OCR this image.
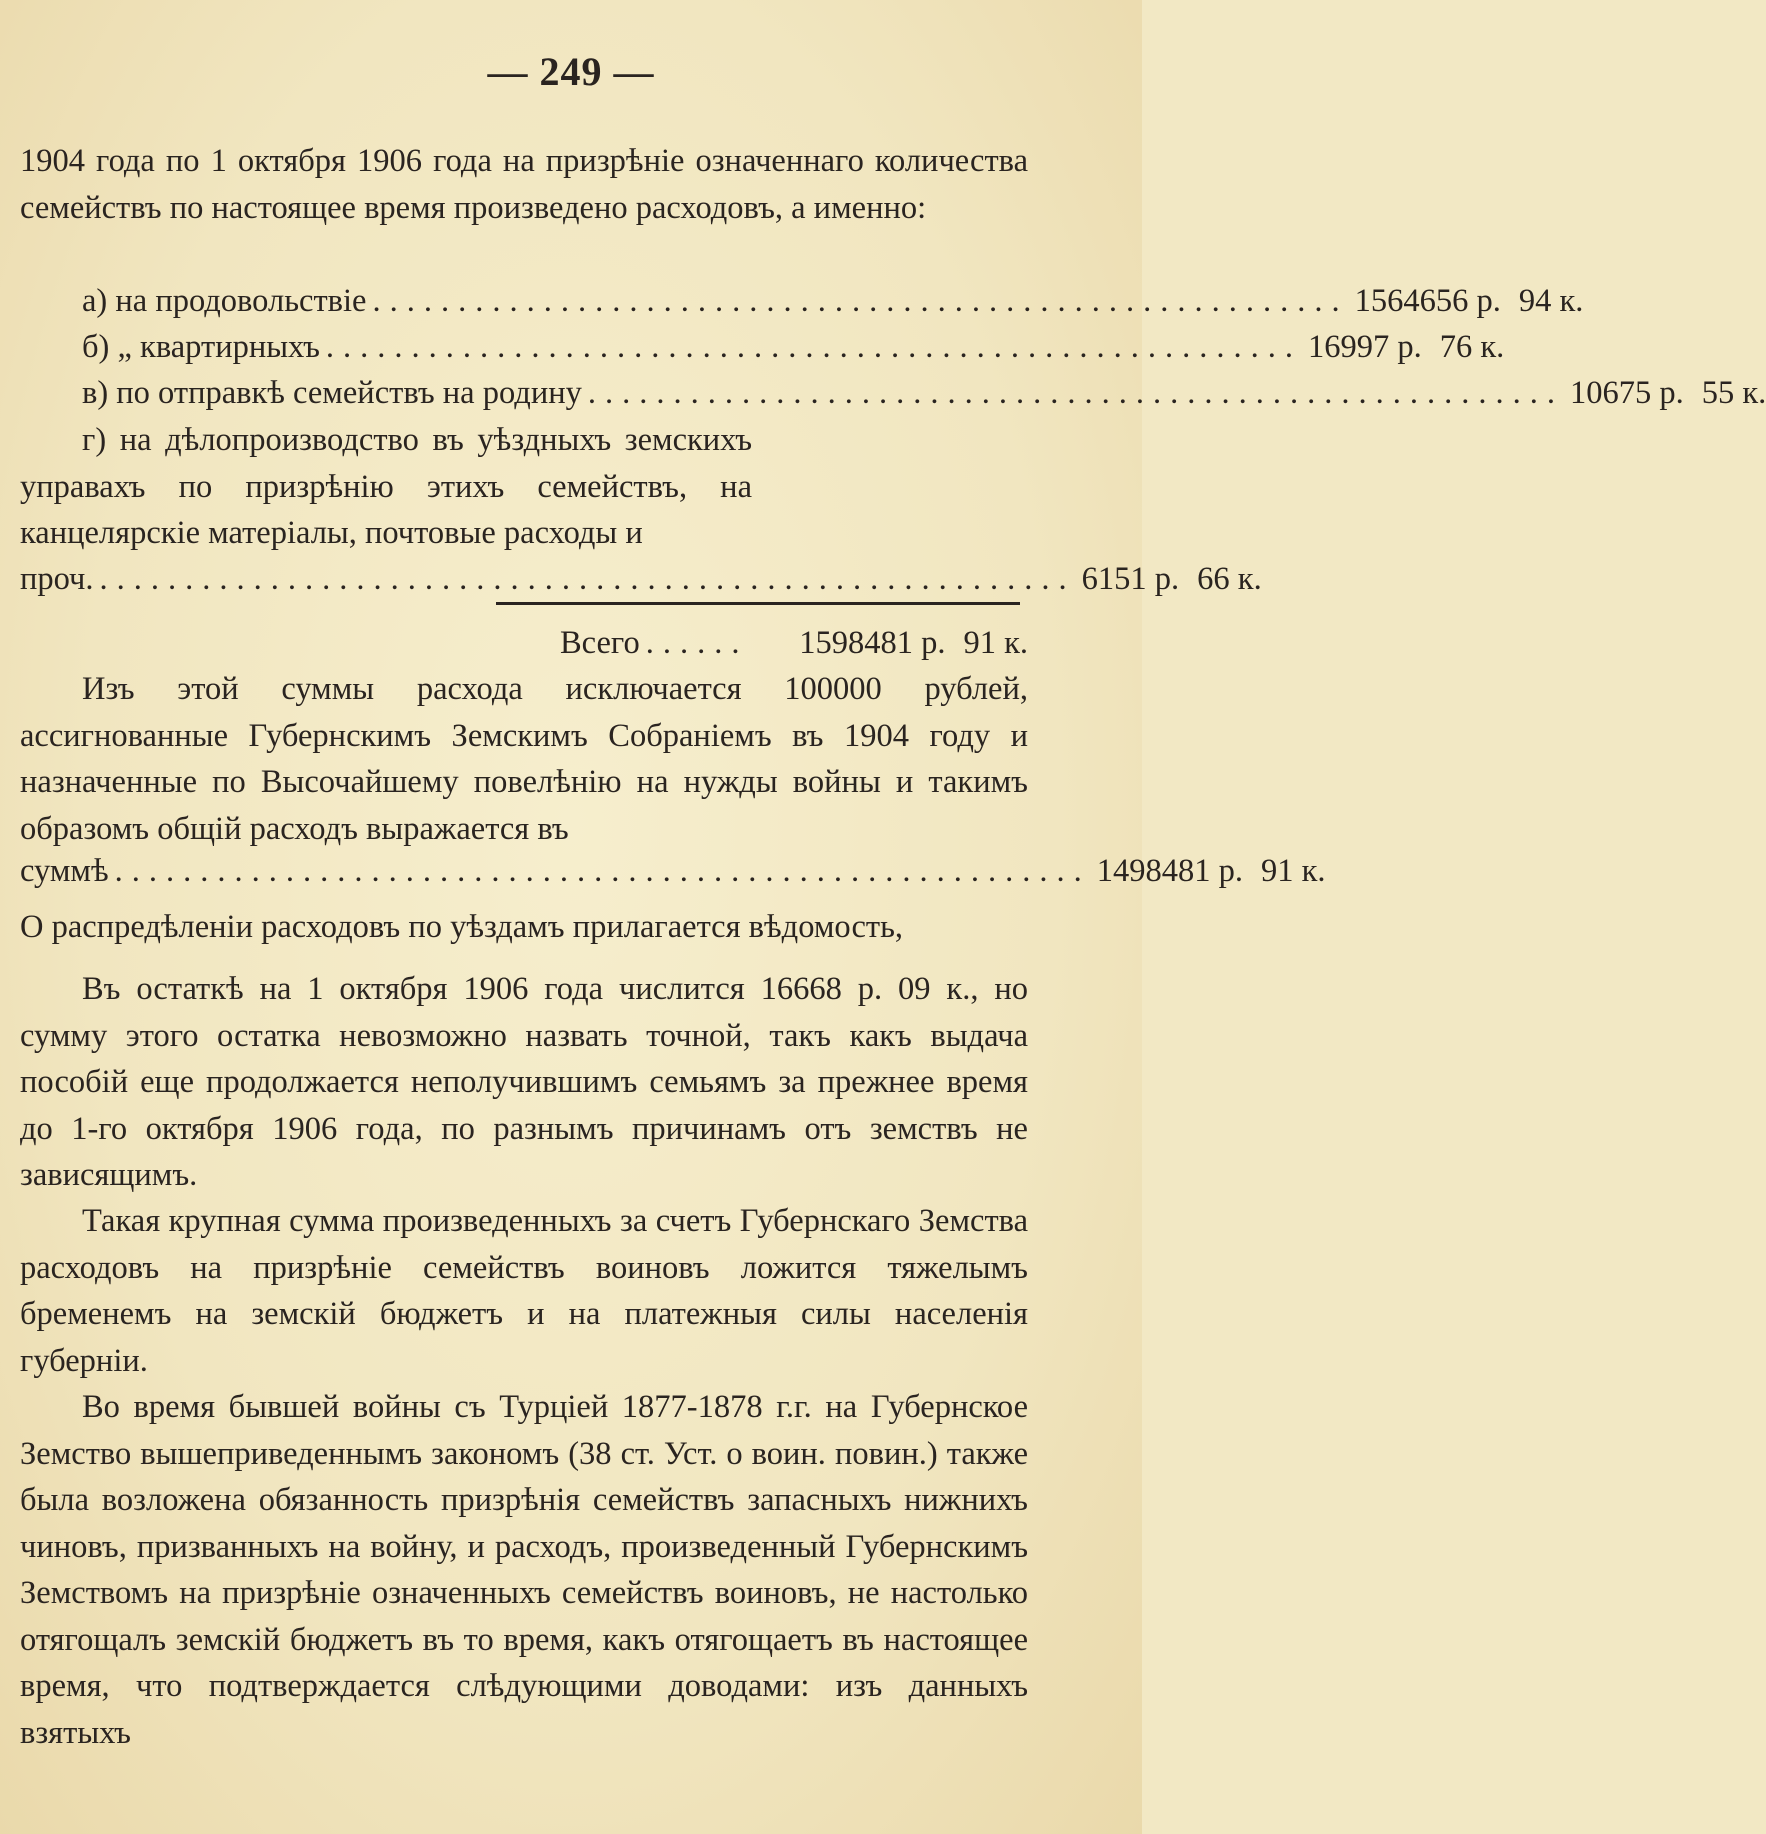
— 249 —

1904 года по 1 октября 1906 года на призрѣніе означеннаго количества семействъ по настоящее время произведено расходовъ, а именно:

а) на продовольствіе ......................................................... 1564656 р. 94 к.
б) „ квартирныхъ ......................................................... 16997 р. 76 к.
в) по отправкѣ семействъ на родину ......................................................... 10675 р. 55 к.

г) на дѣлопроизводство въ уѣздныхъ земскихъ управахъ по призрѣнію этихъ семействъ, на канцелярскіе матеріалы, почтовые расходы и

проч. ......................................................... 6151 р. 66 к.
Всего ......	1598481 р. 91 к.

Изъ этой суммы расхода исключается 100000 рублей, ассигнованные Губернскимъ Земскимъ Собраніемъ въ 1904 году и назначенные по Высочайшему повелѣнію на нужды войны и такимъ образомъ общій расходъ выражается въ

суммѣ ......................................................... 1498481 р. 91 к.

О распредѣленіи расходовъ по уѣздамъ прилагается вѣдомость,

Въ остаткѣ на 1 октября 1906 года числится 16668 р. 09 к., но сумму этого остатка невозможно назвать точной, такъ какъ выдача пособій еще продолжается неполучившимъ семьямъ за прежнее время до 1-го октября 1906 года, по разнымъ причинамъ отъ земствъ не зависящимъ.

Такая крупная сумма произведенныхъ за счетъ Губернскаго Земства расходовъ на призрѣніе семействъ воиновъ ложится тяжелымъ бременемъ на земскій бюджетъ и на платежныя силы населенія губерніи.

Во время бывшей войны съ Турціей 1877-1878 г.г. на Губернское Земство вышеприведеннымъ закономъ (38 ст. Уст. о воин. повин.) также была возложена обязанность призрѣнія семействъ запасныхъ нижнихъ чиновъ, призванныхъ на войну, и расходъ, произведенный Губернскимъ Земствомъ на призрѣніе означенныхъ семействъ воиновъ, не настолько отягощалъ земскій бюджетъ въ то время, какъ отягощаетъ въ настоящее время, что подтверждается слѣдующими доводами: изъ данныхъ взятыхъ
